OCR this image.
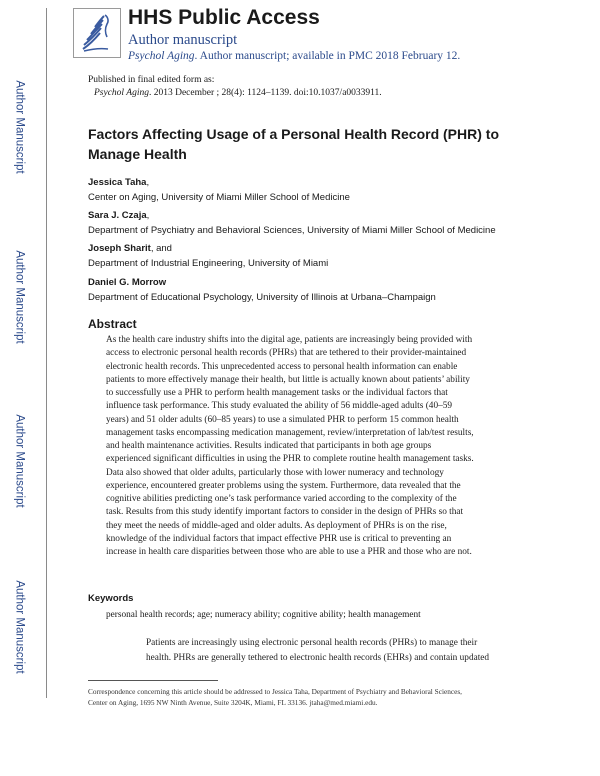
Author Manuscript
Author Manuscript
Author Manuscript
Author Manuscript
HHS Public Access
Author manuscript
Psychol Aging. Author manuscript; available in PMC 2018 February 12.
Published in final edited form as:
Psychol Aging. 2013 December ; 28(4): 1124–1139. doi:10.1037/a0033911.
Factors Affecting Usage of a Personal Health Record (PHR) to Manage Health
Jessica Taha,
Center on Aging, University of Miami Miller School of Medicine
Sara J. Czaja,
Department of Psychiatry and Behavioral Sciences, University of Miami Miller School of Medicine
Joseph Sharit, and
Department of Industrial Engineering, University of Miami
Daniel G. Morrow
Department of Educational Psychology, University of Illinois at Urbana–Champaign
Abstract
As the health care industry shifts into the digital age, patients are increasingly being provided with
access to electronic personal health records (PHRs) that are tethered to their provider-maintained
electronic health records. This unprecedented access to personal health information can enable
patients to more effectively manage their health, but little is actually known about patients’ ability
to successfully use a PHR to perform health management tasks or the individual factors that
influence task performance. This study evaluated the ability of 56 middle-aged adults (40–59
years) and 51 older adults (60–85 years) to use a simulated PHR to perform 15 common health
management tasks encompassing medication management, review/interpretation of lab/test results,
and health maintenance activities. Results indicated that participants in both age groups
experienced significant difficulties in using the PHR to complete routine health management tasks.
Data also showed that older adults, particularly those with lower numeracy and technology
experience, encountered greater problems using the system. Furthermore, data revealed that the
cognitive abilities predicting one’s task performance varied according to the complexity of the
task. Results from this study identify important factors to consider in the design of PHRs so that
they meet the needs of middle-aged and older adults. As deployment of PHRs is on the rise,
knowledge of the individual factors that impact effective PHR use is critical to preventing an
increase in health care disparities between those who are able to use a PHR and those who are not.
Keywords
personal health records; age; numeracy ability; cognitive ability; health management
Patients are increasingly using electronic personal health records (PHRs) to manage their
health. PHRs are generally tethered to electronic health records (EHRs) and contain updated
Correspondence concerning this article should be addressed to Jessica Taha, Department of Psychiatry and Behavioral Sciences,
Center on Aging, 1695 NW Ninth Avenue, Suite 3204K, Miami, FL 33136. jtaha@med.miami.edu.
